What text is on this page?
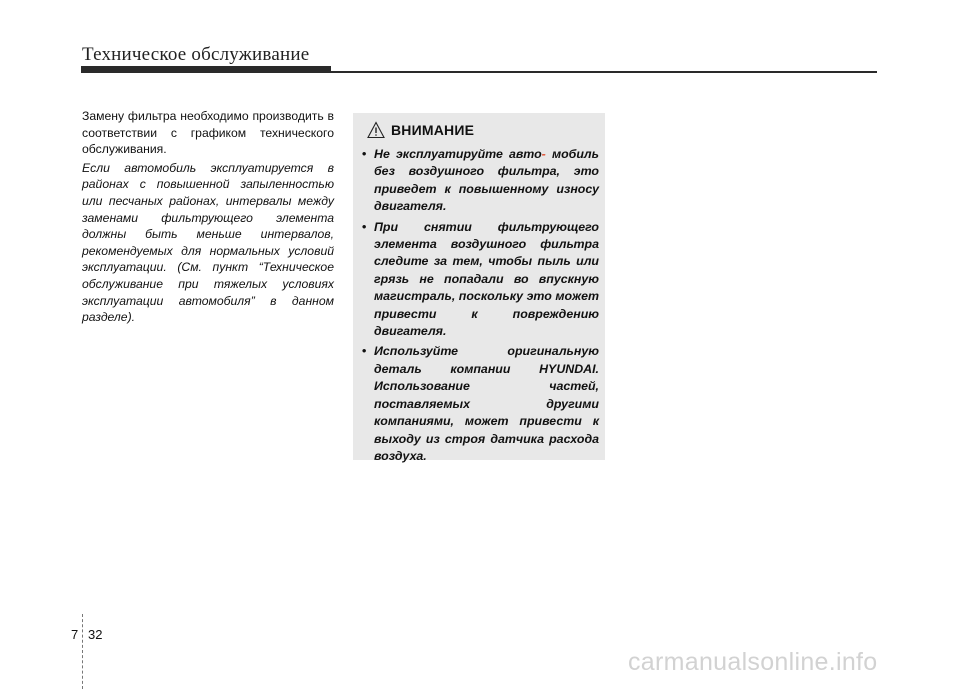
Техническое обслуживание

Замену фильтра необходимо производить в соответствии с графиком технического обслуживания.

Если автомобиль эксплуатируется в районах с повышенной запыленностью или песчаных районах, интервалы между заменами фильтрующего элемента должны быть меньше интервалов, рекомендуемых для нормальных условий эксплуатации. (См. пункт “Техническое обслуживание при тяжелых условиях эксплуатации автомобиля” в данном разделе).

ВНИМАНИЕ
• Не эксплуатируйте авто- мобиль без воздушного фильтра, это приведет к повышенному износу двигателя.
• При снятии фильтрующего элемента воздушного фильтра следите за тем, чтобы пыль или грязь не попадали во впускную магистраль, поскольку это может привести к повреждению двигателя.
• Используйте оригинальную деталь компании HYUNDAI. Использование частей, поставляемых другими компаниями, может привести к выходу из строя датчика расхода воздуха.
7 32
carmanualsonline.info
